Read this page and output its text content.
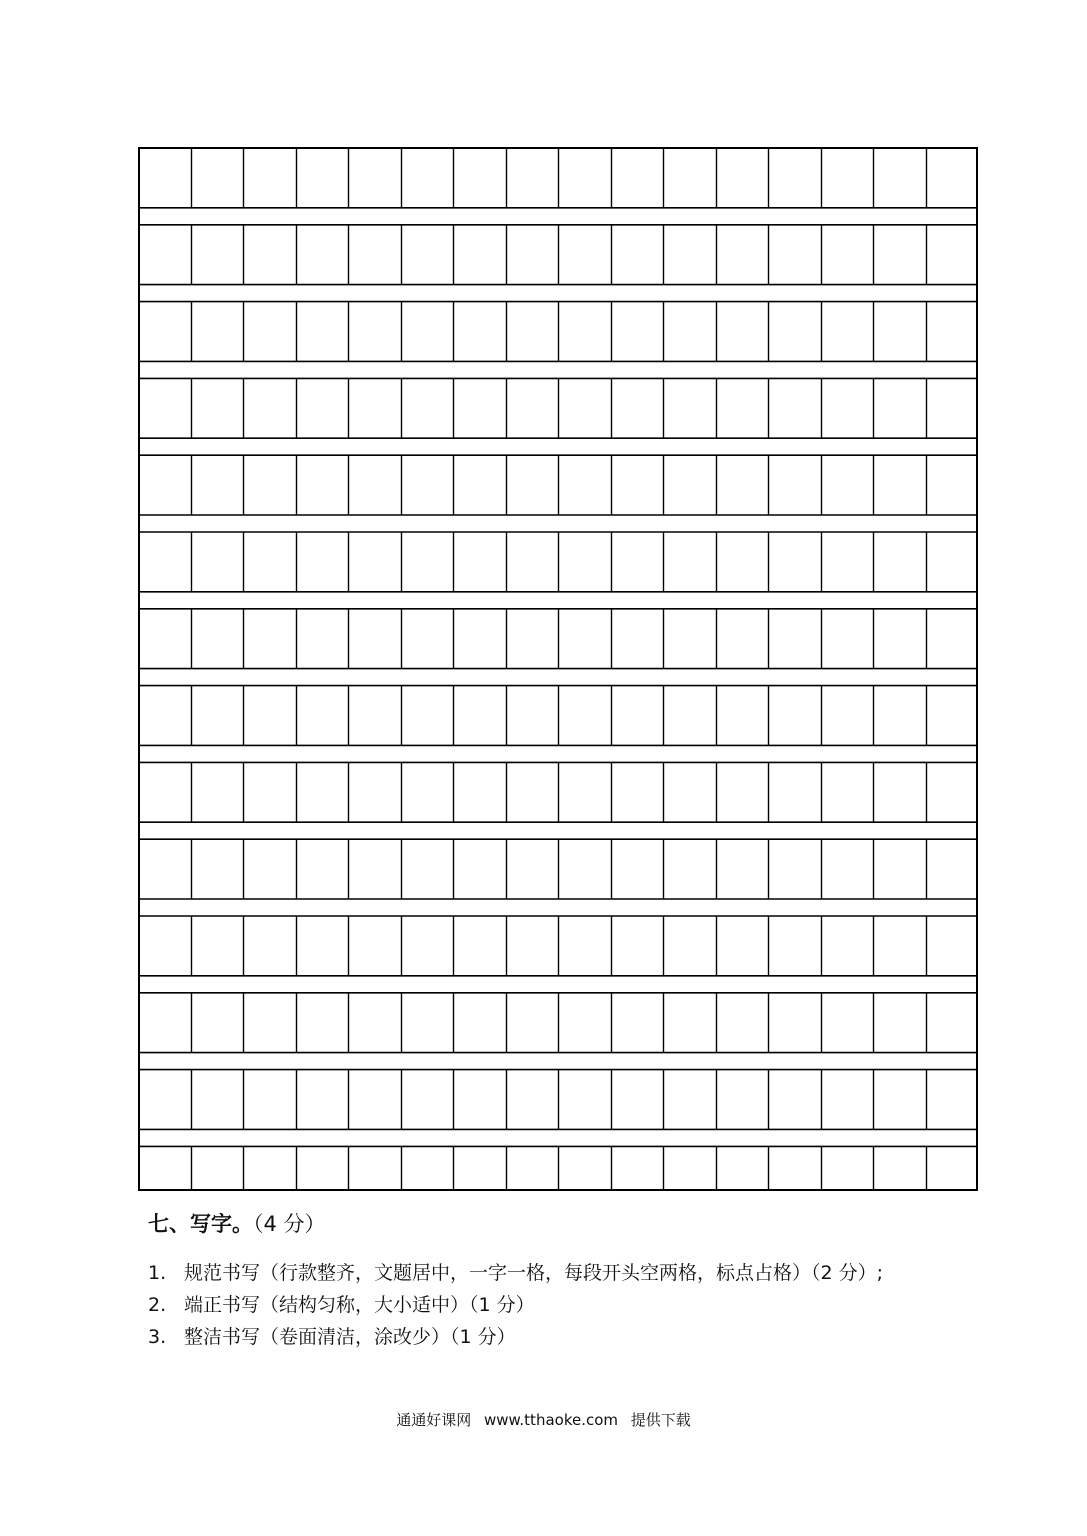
七、写字。（4 分）
1. 规范书写（行款整齐，文题居中，一字一格，每段开头空两格，标点占格）（2 分）;
2. 端正书写（结构匀称，大小适中）（1 分）
3. 整洁书写（卷面清洁，涂改少）（1 分）
通通好课网 www.tthaoke.com 提供下载
